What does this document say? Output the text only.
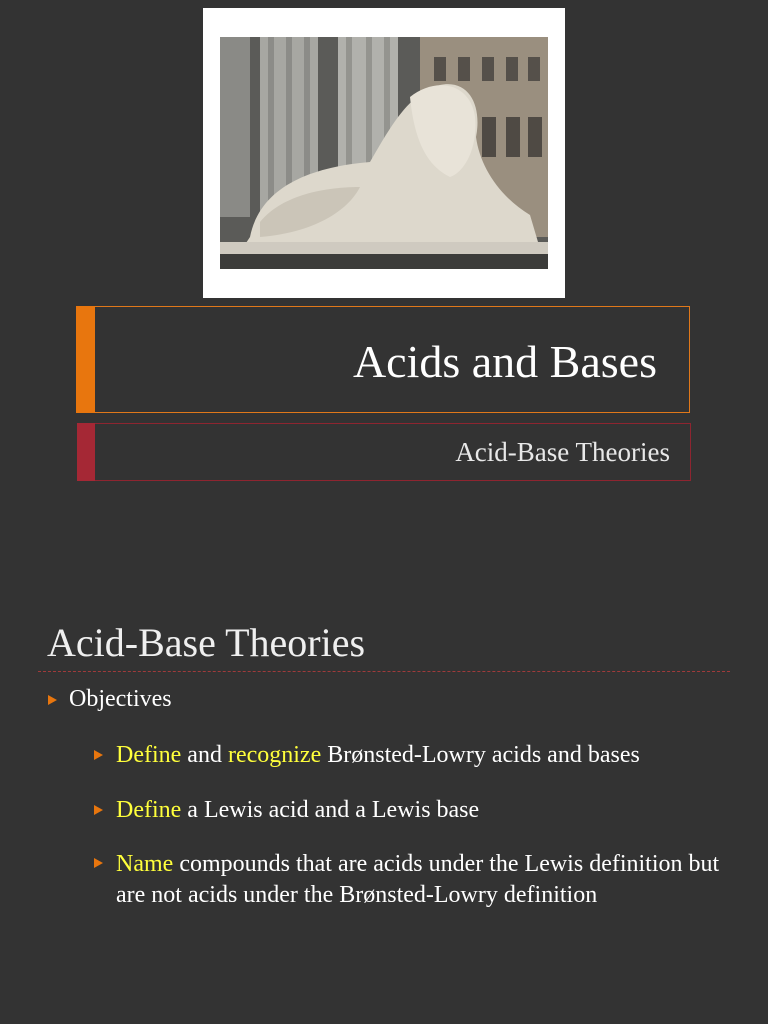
Acids and Bases
Acid-Base Theories
Acid-Base Theories
Objectives
Define and recognize Brønsted-Lowry acids and bases
Define a Lewis acid and a Lewis base
Name compounds that are acids under the Lewis definition but are not acids under the Brønsted-Lowry definition
